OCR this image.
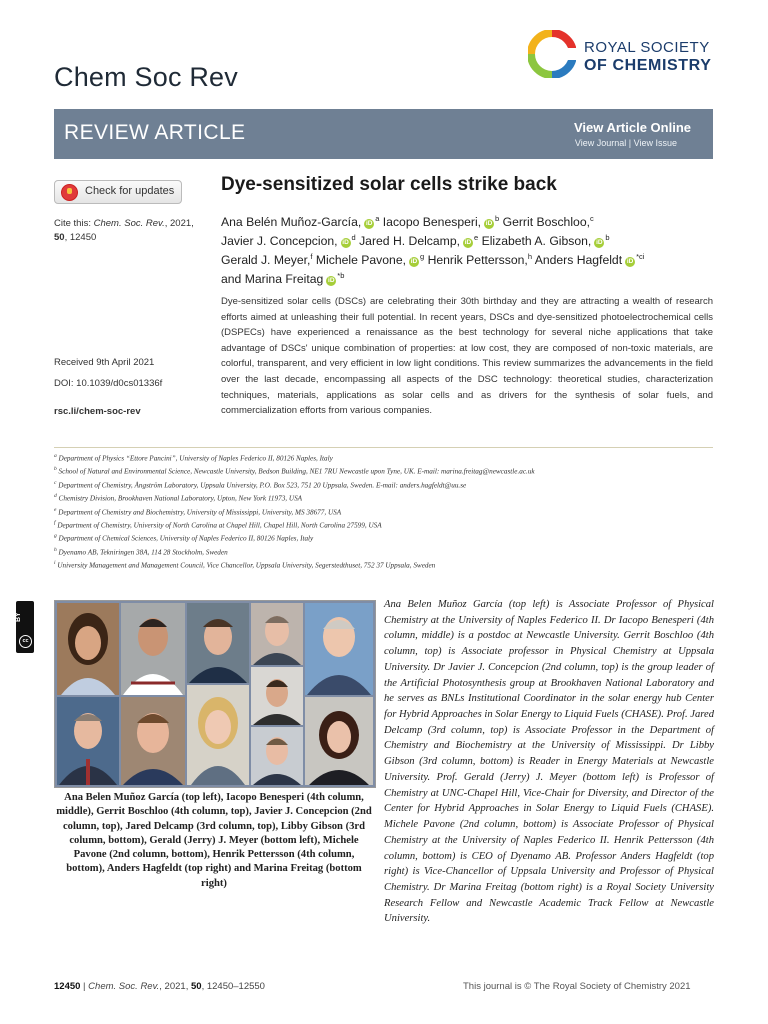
Chem Soc Rev
ROYAL SOCIETY
OF CHEMISTRY
REVIEW ARTICLE	View Article Online
View Journal | View Issue
Check for updates
Cite this: Chem. Soc. Rev., 2021,
50, 12450
Received 9th April 2021
DOI: 10.1039/d0cs01336f
rsc.li/chem-soc-rev
Dye-sensitized solar cells strike back
Ana Belén Muñoz-García, $iD^a$ Iacopo Benesperi, $iD^b$ Gerrit Boschloo,$^c$
Javier J. Concepcion, $iD^d$ Jared H. Delcamp, $iD^e$ Elizabeth A. Gibson, $iD^b$
Gerald J. Meyer,$^f$ Michele Pavone, $iD^g$ Henrik Pettersson,$^h$ Anders Hagfeldt $iD^{*ci}$
and Marina Freitag $iD^{*b}$
Dye-sensitized solar cells (DSCs) are celebrating their 30th birthday and they are attracting a wealth of research efforts aimed at unleashing their full potential. In recent years, DSCs and dye-sensitized photoelectrochemical cells (DSPECs) have experienced a renaissance as the best technology for several niche applications that take advantage of DSCs' unique combination of properties: at low cost, they are composed of non-toxic materials, are colorful, transparent, and very efficient in low light conditions. This review summarizes the advancements in the field over the last decade, encompassing all aspects of the DSC technology: theoretical studies, characterization techniques, materials, applications as solar cells and as drivers for the synthesis of solar fuels, and commercialization efforts from various companies.
$^a$ Department of Physics “Ettore Pancini”, University of Naples Federico II, 80126 Naples, Italy
$^b$ School of Natural and Environmental Science, Newcastle University, Bedson Building, NE1 7RU Newcastle upon Tyne, UK. E-mail: marina.freitag@newcastle.ac.uk
$^c$ Department of Chemistry, Ångström Laboratory, Uppsala University, P.O. Box 523, 751 20 Uppsala, Sweden. E-mail: anders.hagfeldt@uu.se
$^d$ Chemistry Division, Brookhaven National Laboratory, Upton, New York 11973, USA
$^e$ Department of Chemistry and Biochemistry, University of Mississippi, University, MS 38677, USA
$^f$ Department of Chemistry, University of North Carolina at Chapel Hill, Chapel Hill, North Carolina 27599, USA
$^g$ Department of Chemical Sciences, University of Naples Federico II, 80126 Naples, Italy
$^h$ Dyenamo AB, Tekniringen 38A, 114 28 Stockholm, Sweden
$^i$ University Management and Management Council, Vice Chancellor, Uppsala University, Segerstedthuset, 752 37 Uppsala, Sweden
BY
cc
Ana Belen Muñoz García (top left), Iacopo Benesperi (4th column, middle), Gerrit Boschloo (4th column, top), Javier J. Concepcion (2nd column, top), Jared Delcamp (3rd column, top), Libby Gibson (3rd column, bottom), Gerald (Jerry) J. Meyer (bottom left), Michele Pavone (2nd column, bottom), Henrik Pettersson (4th column, bottom), Anders Hagfeldt (top right) and Marina Freitag (bottom right)
Ana Belen Muñoz García (top left) is Associate Professor of Physical Chemistry at the University of Naples Federico II. Dr Iacopo Benesperi (4th column, middle) is a postdoc at Newcastle University. Gerrit Boschloo (4th column, top) is Associate professor in Physical Chemistry at Uppsala University. Dr Javier J. Concepcion (2nd column, top) is the group leader of the Artificial Photosynthesis group at Brookhaven National Laboratory and he serves as BNLs Institutional Coordinator in the solar energy hub Center for Hybrid Approaches in Solar Energy to Liquid Fuels (CHASE). Prof. Jared Delcamp (3rd column, top) is Associate Professor in the Department of Chemistry and Biochemistry at the University of Mississippi. Dr Libby Gibson (3rd column, bottom) is Reader in Energy Materials at Newcastle University. Prof. Gerald (Jerry) J. Meyer (bottom left) is Professor of Chemistry at UNC-Chapel Hill, Vice-Chair for Diversity, and Director of the Center for Hybrid Approaches in Solar Energy to Liquid Fuels (CHASE). Michele Pavone (2nd column, bottom) is Associate Professor of Physical Chemistry at the University of Naples Federico II. Henrik Pettersson (4th column, bottom) is CEO of Dyenamo AB. Professor Anders Hagfeldt (top right) is Vice-Chancellor of Uppsala University and Professor of Physical Chemistry. Dr Marina Freitag (bottom right) is a Royal Society University Research Fellow and Newcastle Academic Track Fellow at Newcastle University.
12450 | Chem. Soc. Rev., 2021, 50, 12450–12550	This journal is © The Royal Society of Chemistry 2021
